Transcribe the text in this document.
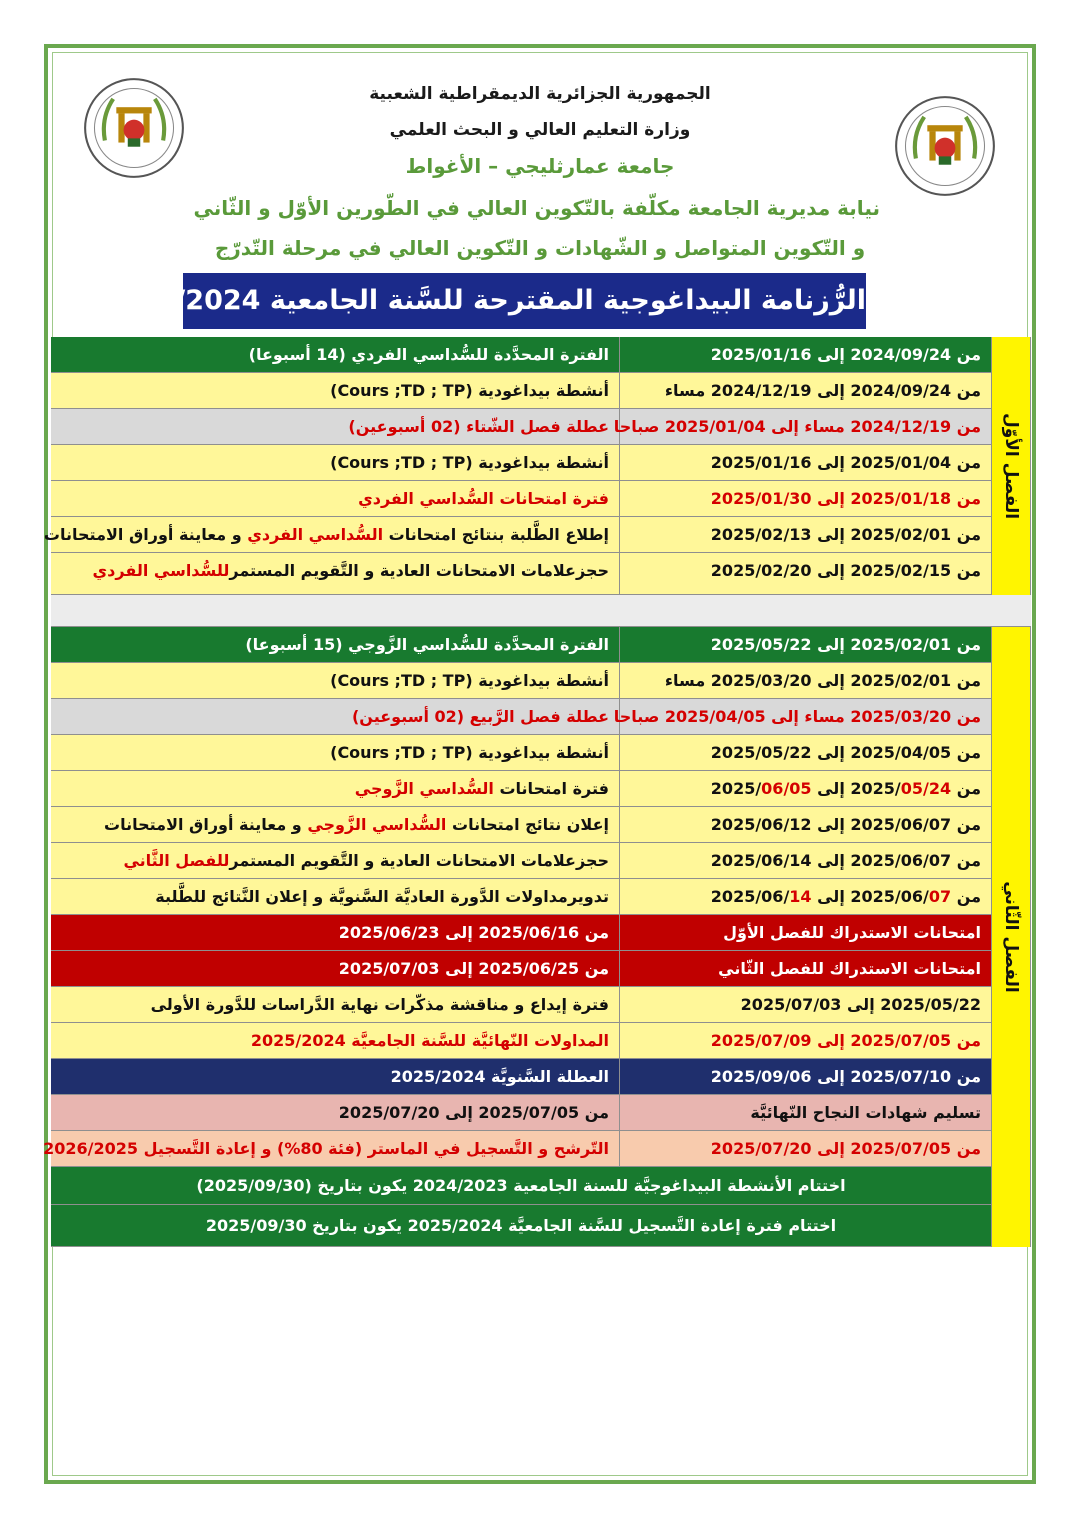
الجمهورية الجزائرية الديمقراطية الشعبية
وزارة التعليم العالي و البحث العلمي
جامعة عمارثليجي – الأغواط
نيابة مديرية الجامعة مكلّفة بالتّكوين العالي في الطّورين الأوّل و الثّاني
و التّكوين المتواصل و الشّهادات و التّكوين العالي في مرحلة التّدرّج
الرُّزنامة البيداغوجية المقترحة للسَّنة الجامعية 2025/2024
الفصل الأوّل
من 2024/09/24 إلى 2025/01/16
الفترة المحدَّدة للسُّداسي الفردي (14 أسبوعا)
من 2024/09/24 إلى 2024/12/19 مساء
أنشطة بيداغودية (Cours ;TD ; TP)
من 2024/12/19 مساء إلى 2025/01/04 صباحا
عطلة فصل الشّتاء (02 أسبوعين)
من 2025/01/04 إلى 2025/01/16
أنشطة بيداغودية (Cours ;TD ; TP)
من 2025/01/18 إلى 2025/01/30
فترة امتحانات السُّداسي الفردي
من 2025/02/01 إلى 2025/02/13
إطلاع الطَّلبة بنتائج امتحانات السُّداسي الفردي و معاينة أوراق الامتحانات
من 2025/02/15 إلى 2025/02/20
حجزعلامات الامتحانات العادية و التَّقويم المستمرللسُّداسي الفردي
الفصل الثّاني
من 2025/02/01 إلى 2025/05/22
الفترة المحدَّدة للسُّداسي الزَّوجي (15 أسبوعا)
من 2025/02/01 إلى 2025/03/20 مساء
أنشطة بيداغودية (Cours ;TD ; TP)
من 2025/03/20 مساء إلى 2025/04/05 صباحا
عطلة فصل الرَّبيع (02 أسبوعين)
من 2025/04/05 إلى 2025/05/22
أنشطة بيداغودية (Cours ;TD ; TP)
من 2025/05/24 إلى 2025/06/05
فترة امتحانات السُّداسي الزَّوجي
من 2025/06/07 إلى 2025/06/12
إعلان نتائج امتحانات السُّداسي الزَّوجي و معاينة أوراق الامتحانات
من 2025/06/07 إلى 2025/06/14
حجزعلامات الامتحانات العادية و التَّقويم المستمرللفصل الثَّاني
من 2025/06/07 إلى 2025/06/14
تدويرمداولات الدَّورة العاديَّة السَّنويَّة و إعلان النَّتائج للطَّلبة
امتحانات الاستدراك للفصل الأوّل
من 2025/06/16 إلى 2025/06/23
امتحانات الاستدراك للفصل الثّاني
من 2025/06/25 إلى 2025/07/03
2025/05/22 إلى 2025/07/03
فترة إيداع و مناقشة مذكّرات نهاية الدَّراسات للدَّورة الأولى
من 2025/07/05 إلى 2025/07/09
المداولات النّهائيَّة للسَّنة الجامعيَّة 2025/2024
من 2025/07/10 إلى 2025/09/06
العطلة السَّنويَّة 2025/2024
تسليم شهادات النجاح النّهائيَّة
من 2025/07/05 إلى 2025/07/20
من 2025/07/05 إلى 2025/07/20
التّرشح و التَّسجيل في الماستر (فئة 80%) و إعادة التَّسجيل 2026/2025
اختتام الأنشطة البيداغوجيَّة للسنة الجامعية 2024/2023 يكون بتاريخ (2025/09/30)
اختتام فترة إعادة التَّسجيل للسَّنة الجامعيَّة 2025/2024 يكون بتاريخ 2025/09/30
